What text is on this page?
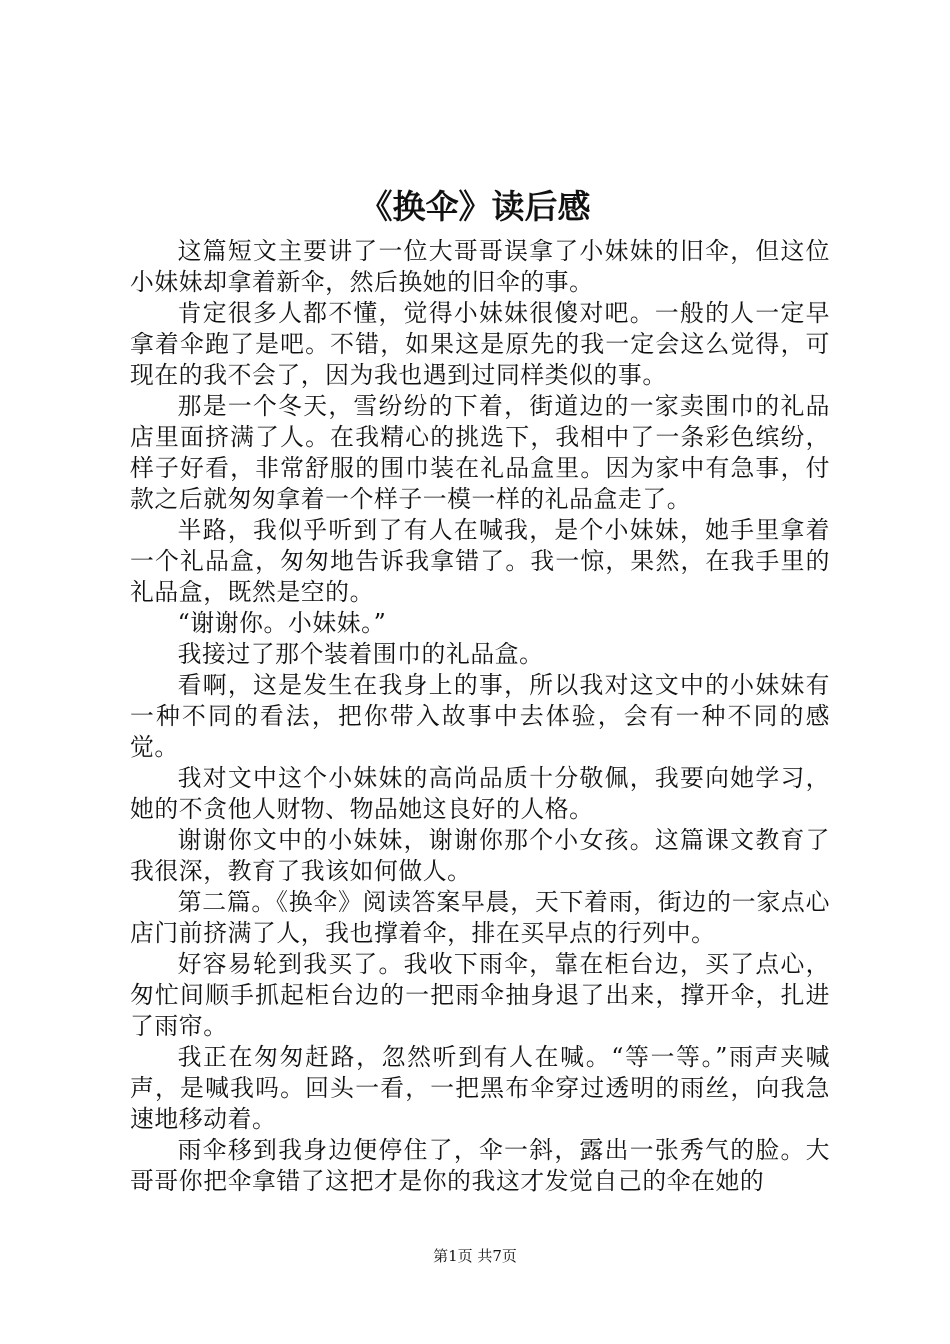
《换伞》读后感

这篇短文主要讲了一位大哥哥误拿了小妹妹的旧伞，但这位小妹妹却拿着新伞，然后换她的旧伞的事。

肯定很多人都不懂，觉得小妹妹很傻对吧。一般的人一定早拿着伞跑了是吧。不错，如果这是原先的我一定会这么觉得，可现在的我不会了，因为我也遇到过同样类似的事。

那是一个冬天，雪纷纷的下着，街道边的一家卖围巾的礼品店里面挤满了人。在我精心的挑选下，我相中了一条彩色缤纷，样子好看，非常舒服的围巾装在礼品盒里。因为家中有急事，付款之后就匆匆拿着一个样子一模一样的礼品盒走了。

半路，我似乎听到了有人在喊我，是个小妹妹，她手里拿着一个礼品盒，匆匆地告诉我拿错了。我一惊，果然，在我手里的礼品盒，既然是空的。

“谢谢你。小妹妹。”

我接过了那个装着围巾的礼品盒。

看啊，这是发生在我身上的事，所以我对这文中的小妹妹有一种不同的看法，把你带入故事中去体验，会有一种不同的感觉。

我对文中这个小妹妹的高尚品质十分敬佩，我要向她学习，她的不贪他人财物、物品她这良好的人格。

谢谢你文中的小妹妹，谢谢你那个小女孩。这篇课文教育了我很深，教育了我该如何做人。

第二篇。《换伞》阅读答案早晨，天下着雨，街边的一家点心店门前挤满了人，我也撑着伞，排在买早点的行列中。

好容易轮到我买了。我收下雨伞，靠在柜台边，买了点心，匆忙间顺手抓起柜台边的一把雨伞抽身退了出来，撑开伞，扎进了雨帘。

我正在匆匆赶路，忽然听到有人在喊。“等一等。”雨声夹喊声，是喊我吗。回头一看，一把黑布伞穿过透明的雨丝，向我急速地移动着。

雨伞移到我身边便停住了，伞一斜，露出一张秀气的脸。大哥哥你把伞拿错了这把才是你的我这才发觉自己的伞在她的

第1页 共7页
